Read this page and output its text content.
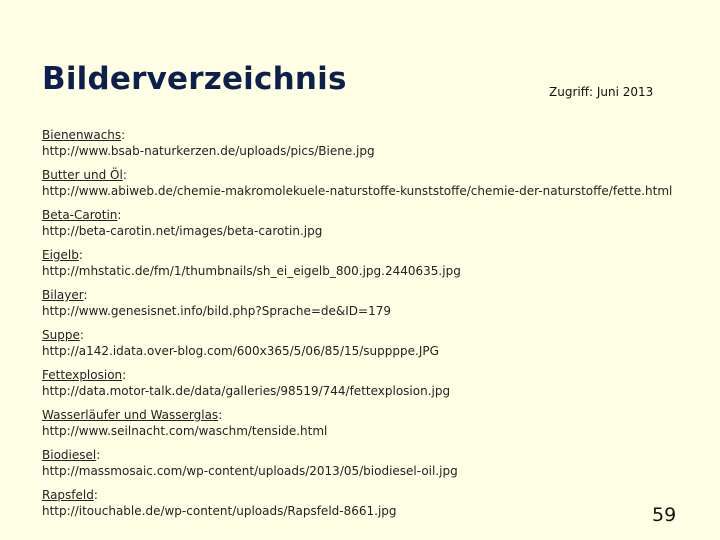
Bilderverzeichnis	Zugriff: Juni 2013
Bienenwachs:
http://www.bsab-naturkerzen.de/uploads/pics/Biene.jpg
Butter und Öl:
http://www.abiweb.de/chemie-makromolekuele-naturstoffe-kunststoffe/chemie-der-naturstoffe/fette.html
Beta-Carotin:
http://beta-carotin.net/images/beta-carotin.jpg
Eigelb:
http://mhstatic.de/fm/1/thumbnails/sh_ei_eigelb_800.jpg.2440635.jpg
Bilayer:
http://www.genesisnet.info/bild.php?Sprache=de&ID=179
Suppe:
http://a142.idata.over-blog.com/600x365/5/06/85/15/suppppe.JPG
Fettexplosion:
http://data.motor-talk.de/data/galleries/98519/744/fettexplosion.jpg
Wasserläufer und Wasserglas:
http://www.seilnacht.com/waschm/tenside.html
Biodiesel:
http://massmosaic.com/wp-content/uploads/2013/05/biodiesel-oil.jpg
Rapsfeld:
http://itouchable.de/wp-content/uploads/Rapsfeld-8661.jpg	59
